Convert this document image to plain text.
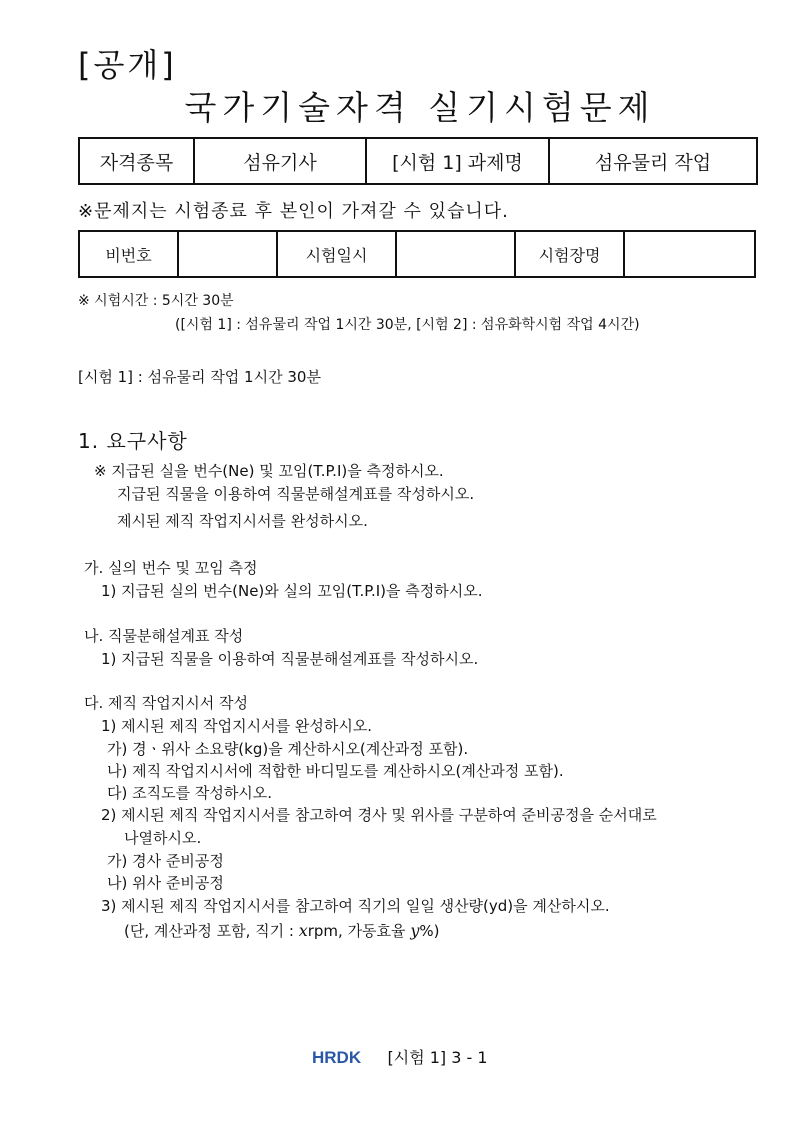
[공개]
국가기술자격 실기시험문제
자격종목	섬유기사	[시험 1] 과제명	섬유물리 작업
※문제지는 시험종료 후 본인이 가져갈 수 있습니다.
비번호		시험일시		시험장명	
※ 시험시간 : 5시간 30분
([시험 1] : 섬유물리 작업 1시간 30분, [시험 2] : 섬유화학시험 작업 4시간)
[시험 1] : 섬유물리 작업 1시간 30분
1. 요구사항
※ 지급된 실을 번수(Ne) 및 꼬임(T.P.I)을 측정하시오.
지급된 직물을 이용하여 직물분해설계표를 작성하시오.
제시된 제직 작업지시서를 완성하시오.
가. 실의 번수 및 꼬임 측정
1) 지급된 실의 번수(Ne)와 실의 꼬임(T.P.I)을 측정하시오.
나. 직물분해설계표 작성
1) 지급된 직물을 이용하여 직물분해설계표를 작성하시오.
다. 제직 작업지시서 작성
1) 제시된 제직 작업지시서를 완성하시오.
가) 경ㆍ위사 소요량(kg)을 계산하시오(계산과정 포함).
나) 제직 작업지시서에 적합한 바디밀도를 계산하시오(계산과정 포함).
다) 조직도를 작성하시오.
2) 제시된 제직 작업지시서를 참고하여 경사 및 위사를 구분하여 준비공정을 순서대로
나열하시오.
가) 경사 준비공정
나) 위사 준비공정
3) 제시된 제직 작업지시서를 참고하여 직기의 일일 생산량(yd)을 계산하시오.
(단, 계산과정 포함, 직기 : xrpm, 가동효율 y%)
HRDK [시험 1] 3 - 1
